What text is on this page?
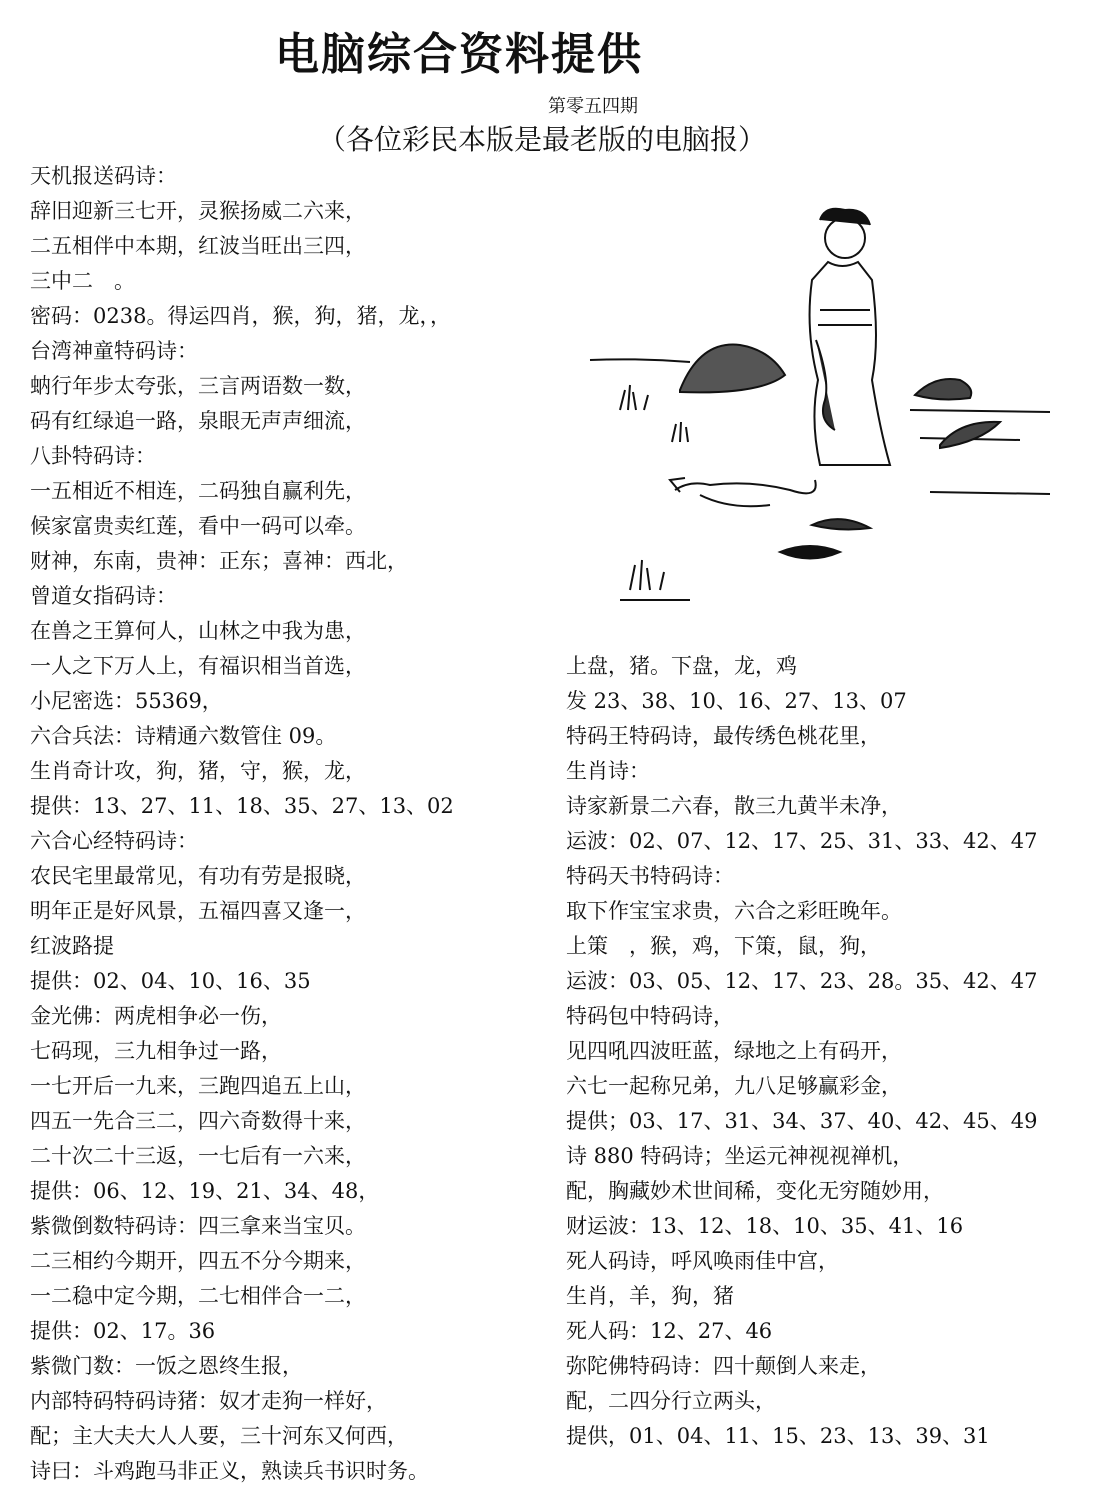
电脑综合资料提供
第零五四期
（各位彩民本版是最老版的电脑报）
天机报送码诗：
辞旧迎新三七开，灵猴扬威二六来，
二五相伴中本期，红波当旺出三四，
三中二　。
密码：0238。得运四肖，猴，狗，猪，龙，，
台湾神童特码诗：
蚋行年步太夸张，三言两语数一数，
码有红绿追一路，泉眼无声声细流，
八卦特码诗：
一五相近不相连，二码独自赢利先，
候家富贵卖红莲，看中一码可以牵。
财神，东南，贵神：正东；喜神：西北，
曾道女指码诗：
在兽之王算何人，山林之中我为患，
一人之下万人上，有福识相当首选，
小尼密选：55369，
六合兵法：诗精通六数管住 09。
生肖奇计攻，狗，猪，守，猴，龙，
提供：13、27、11、18、35、27、13、02
六合心经特码诗：
农民宅里最常见，有功有劳是报晓，
明年正是好风景，五福四喜又逢一，
红波路提
提供：02、04、10、16、35
金光佛：两虎相争必一伤，
七码现，三九相争过一路，
一七开后一九来，三跑四追五上山，
四五一先合三二，四六奇数得十来，
二十次二十三返，一七后有一六来，
提供：06、12、19、21、34、48，
紫微倒数特码诗：四三拿来当宝贝。
二三相约今期开，四五不分今期来，
一二稳中定今期，二七相伴合一二，
提供：02、17。36
紫微门数：一饭之恩终生报，
内部特码特码诗猪：奴才走狗一样好，
配；主大夫大人人要，三十河东又何西，
诗曰：斗鸡跑马非正义，熟读兵书识时务。
上盘，猪。下盘，龙，鸡
发 23、38、10、16、27、13、07
特码王特码诗，最传绣色桃花里，
生肖诗：
诗家新景二六春，散三九黄半未净，
运波：02、07、12、17、25、31、33、42、47
特码天书特码诗：
取下作宝宝求贵，六合之彩旺晚年。
上策　，猴，鸡，下策，鼠，狗，
运波：03、05、12、17、23、28。35、42、47
特码包中特码诗，
见四吼四波旺蓝，绿地之上有码开，
六七一起称兄弟，九八足够赢彩金，
提供；03、17、31、34、37、40、42、45、49
诗 880 特码诗；坐运元神视视禅机，
配，胸藏妙术世间稀，变化无穷随妙用，
财运波：13、12、18、10、35、41、16
死人码诗，呼风唤雨佳中宫，
生肖，羊，狗，猪
死人码：12、27、46
弥陀佛特码诗：四十颠倒人来走，
配，二四分行立两头，
提供，01、04、11、15、23、13、39、31
